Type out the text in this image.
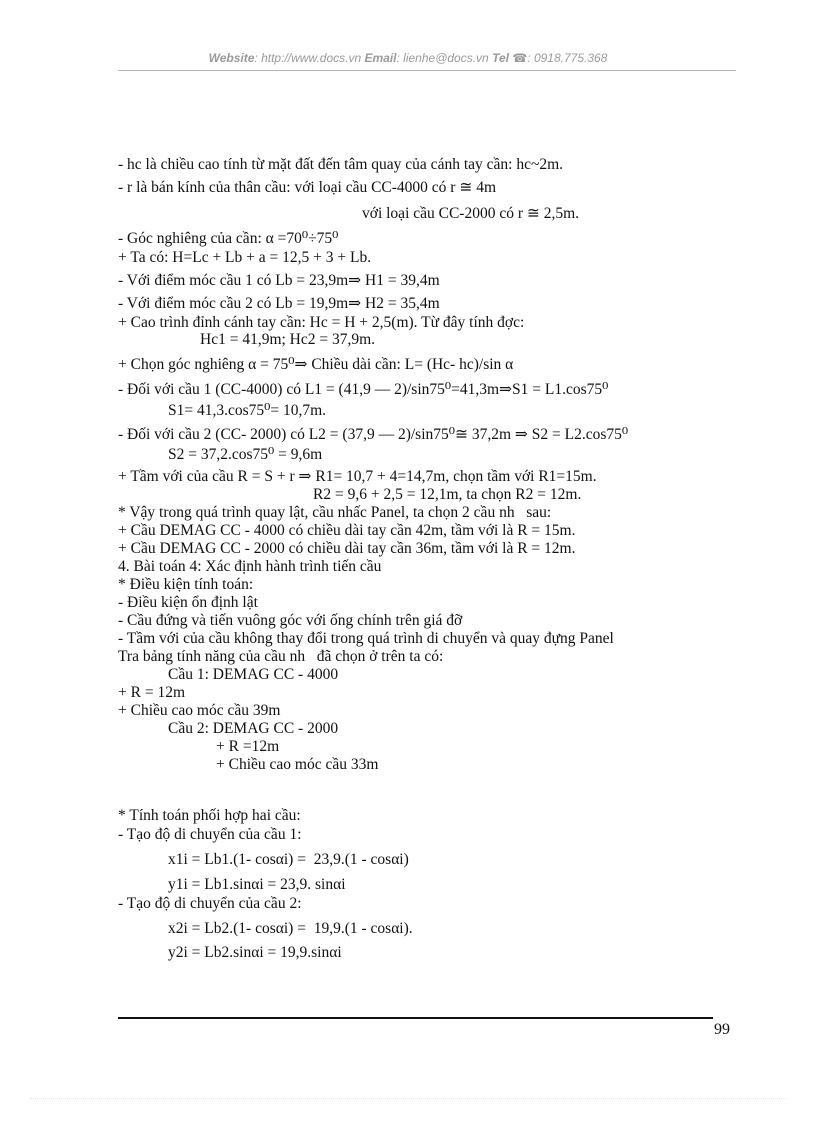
Website: http://www.docs.vn Email: lienhe@docs.vn Tel ☎: 0918.775.368
- hc là chiều cao tính từ mặt đất đến tâm quay của cánh tay cần: hc~2m.
- r là bán kính của thân cầu: với loại cầu CC-4000 có r ≅ 4m
với loại cầu CC-2000 có r ≅ 2,5m.
- Góc nghiêng của cần: α =70⁰÷75⁰
+ Ta có: H=Lc + Lb + a = 12,5 + 3 + Lb.
- Với điểm móc cầu 1 có Lb = 23,9m⇒ H1 = 39,4m
- Với điểm móc cầu 2 có Lb = 19,9m⇒ H2 = 35,4m
+ Cao trình đỉnh cánh tay cần: Hc = H + 2,5(m). Từ đây tính đợc:
Hc1 = 41,9m; Hc2 = 37,9m.
+ Chọn góc nghiêng α = 75⁰⇒ Chiều dài cần: L= (Hc- hc)/sin α
- Đối với cầu 1 (CC-4000) có L1 = (41,9 — 2)/sin75⁰=41,3m⇒S1 = L1.cos75⁰
S1= 41,3.cos75⁰= 10,7m.
- Đối với cầu 2 (CC- 2000) có L2 = (37,9 — 2)/sin75⁰≅ 37,2m ⇒ S2 = L2.cos75⁰
S2 = 37,2.cos75⁰ = 9,6m
+ Tầm với của cầu R = S + r ⇒ R1= 10,7 + 4=14,7m, chọn tầm với R1=15m.
R2 = 9,6 + 2,5 = 12,1m, ta chọn R2 = 12m.
* Vậy trong quá trình quay lật, cầu nhấc Panel, ta chọn 2 cầu nh   sau:
+ Cầu DEMAG CC - 4000 có chiều dài tay cần 42m, tầm với là R = 15m.
+ Cầu DEMAG CC - 2000 có chiều dài tay cần 36m, tầm với là R = 12m.
4. Bài toán 4: Xác định hành trình tiến cầu
* Điều kiện tính toán:
- Điều kiện ổn định lật
- Cầu đứng và tiến vuông góc với ống chính trên giá đỡ
- Tầm với của cầu không thay đổi trong quá trình di chuyển và quay đựng Panel
Tra bảng tính năng của cầu nh   đã chọn ở trên ta có:
Cầu 1: DEMAG CC - 4000
+ R = 12m
+ Chiều cao móc cầu 39m
Cầu 2: DEMAG CC - 2000
+ R =12m
+ Chiều cao móc cầu 33m
* Tính toán phối hợp hai cầu:
- Tạo độ di chuyển của cầu 1:
x1i = Lb1.(1- cosαi) =  23,9.(1 - cosαi)
y1i = Lb1.sinαi = 23,9. sinαi
- Tạo độ di chuyển của cầu 2:
x2i = Lb2.(1- cosαi) =  19,9.(1 - cosαi).
y2i = Lb2.sinαi = 19,9.sinαi
99
